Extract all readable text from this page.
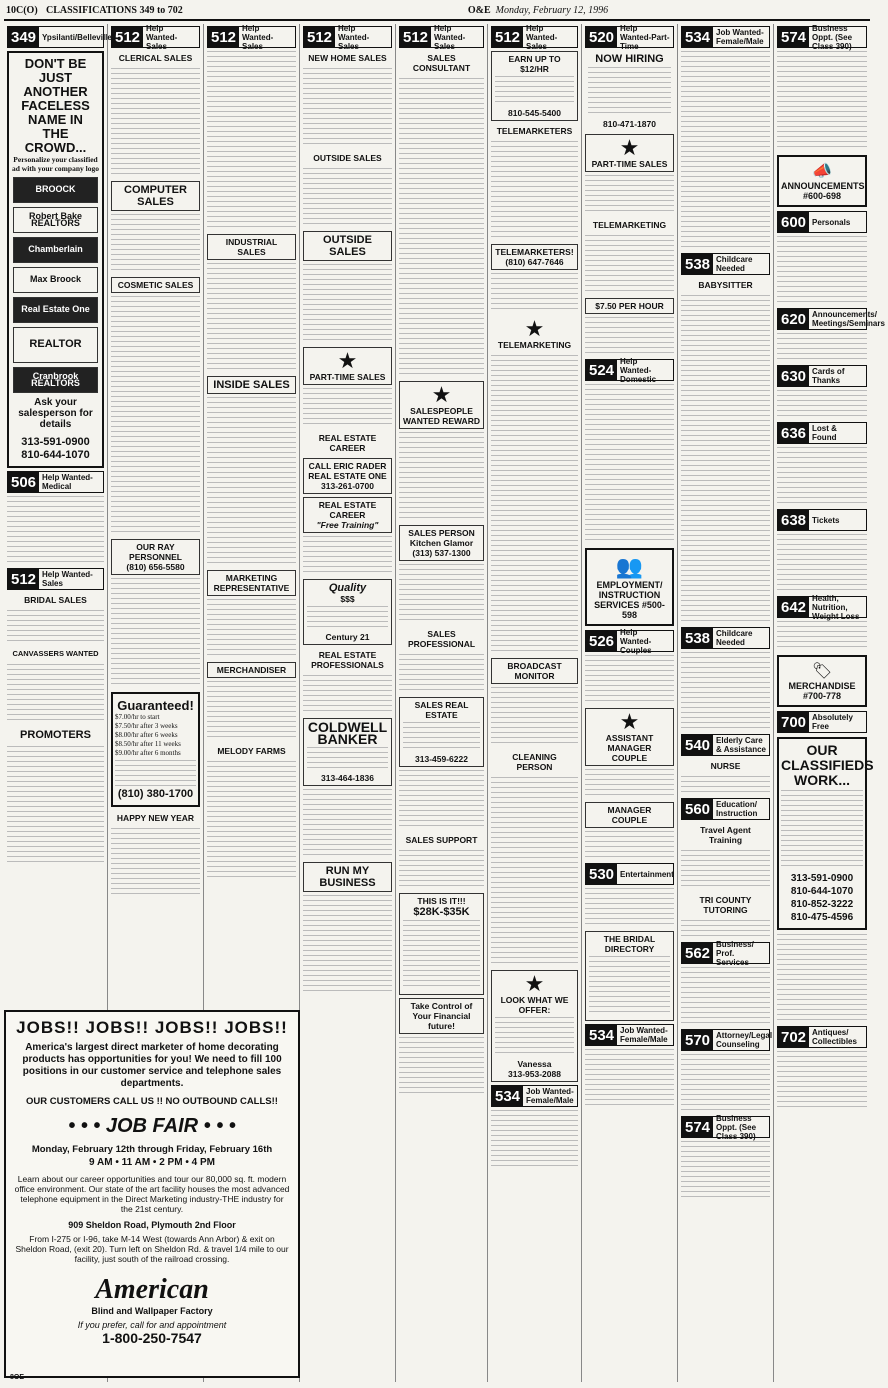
10C(O) CLASSIFICATIONS 349 to 702	O&E Monday, February 12, 1996
349 Ypsilanti/Belleville
DON'T BE
JUST
ANOTHER
FACELESS
NAME IN
THE
CROWD...
Personalize your classified ad with your company logo
BROOCK
Robert Bake REALTORS
Chamberlain
Max Broock
Real Estate One
REALTOR
Cranbrook REALTORS
Ask your salesperson for details
313-591-0900
810-644-1070
506 Help Wanted-Medical
512 Help Wanted-Sales
BRIDAL SALES
CANVASSERS WANTED
PROMOTERS
512
Help Wanted-Sales
CLERICAL SALES
COMPUTER SALES
COSMETIC SALES
OUR RAY PERSONNEL
(810) 656-5580
Guaranteed!
$7.00/hr to start
$7.50/hr after 3 weeks
$8.00/hr after 6 weeks
$8.50/hr after 11 weeks
$9.00/hr after 6 months
(810) 380-1700
HAPPY NEW YEAR
512
Help Wanted-Sales
INDUSTRIAL SALES
INSIDE SALES
MARKETING REPRESENTATIVE
MERCHANDISER
MELODY FARMS
512
Help Wanted-Sales
NEW HOME SALES
OUTSIDE SALES
OUTSIDE SALES
★
PART-TIME SALES
REAL ESTATE CAREER
CALL ERIC RADER REAL ESTATE ONE
313-261-0700
REAL ESTATE CAREER
"Free Training"
Quality
$$$
Century 21
REAL ESTATE PROFESSIONALS
COLDWELL BANKER
313-464-1836
RUN MY BUSINESS
512
Help Wanted-Sales
SALES CONSULTANT
★
SALESPEOPLE WANTED REWARD
SALES PERSON
Kitchen Glamor
(313) 537-1300
SALES PROFESSIONAL
SALES REAL ESTATE
313-459-6222
SALES SUPPORT
THIS IS IT!!!
$28K-$35K
Take Control of Your Financial future!
512
Help Wanted-Sales
EARN UP TO $12/HR
810-545-5400
TELEMARKETERS
TELEMARKETERS!
(810) 647-7646
★
TELEMARKETING
BROADCAST MONITOR
CLEANING PERSON
★
LOOK WHAT WE OFFER:
Vanessa
313-953-2088
534 Job Wanted-Female/Male
520
Help Wanted-Part-Time
NOW HIRING
810-471-1870
★
PART-TIME SALES
TELEMARKETING
$7.50 PER HOUR
524
Help Wanted-Domestic
👥
EMPLOYMENT/ INSTRUCTION SERVICES #500-598
526
Help Wanted-Couples
★
ASSISTANT MANAGER COUPLE
MANAGER COUPLE
530 Entertainment
THE BRIDAL DIRECTORY
534 Job Wanted-Female/Male
534 Job Wanted-Female/Male
538 Childcare Needed
BABYSITTER
538 Childcare Needed
540 Elderly Care & Assistance
NURSE
560 Education/ Instruction
Travel Agent Training
TRI COUNTY TUTORING
562
Business/ Prof. Services
570 Attorney/Legal Counseling
574
Business Oppt. (See Class 390)
574
Business Oppt. (See Class 390)
📣
ANNOUNCEMENTS
#600-698
600 Personals
620 Announcements/ Meetings/Seminars
630 Cards of Thanks
636 Lost & Found
638 Tickets
642
Health, Nutrition, Weight Loss
🏷
MERCHANDISE
#700-778
700 Absolutely Free
OUR CLASSIFIEDS WORK...
313-591-0900
810-644-1070
810-852-3222
810-475-4596
702 Antiques/ Collectibles
JOBS!! JOBS!! JOBS!! JOBS!!
America's largest direct marketer of home decorating products has opportunities for you! We need to fill 100 positions in our customer service and telephone sales departments.
OUR CUSTOMERS CALL US !! NO OUTBOUND CALLS!!
• • • JOB FAIR • • •
Monday, February 12th through Friday, February 16th
9 AM • 11 AM • 2 PM • 4 PM
Learn about our career opportunities and tour our 80,000 sq. ft. modern office environment. Our state of the art facility houses the most advanced telephone equipment in the Direct Marketing industry-THE industry for the 21st century.
909 Sheldon Road, Plymouth 2nd Floor
From I-275 or I-96, take M-14 West (towards Ann Arbor) & exit on Sheldon Road, (exit 20). Turn left on Sheldon Rd. & travel 1/4 mile to our facility, just south of the railroad crossing.
American
Blind and Wallpaper Factory
If you prefer, call for and appointment
1-800-250-7547
8OE
